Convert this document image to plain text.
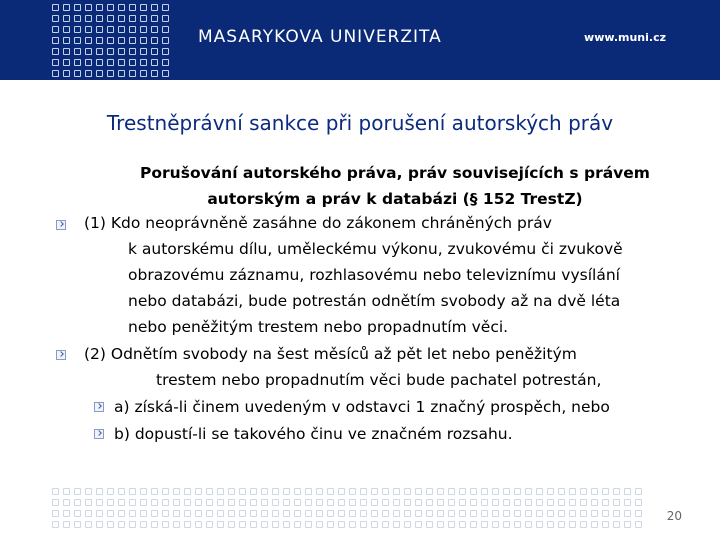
MASARYKOVA UNIVERZITA	www.muni.cz
Trestněprávní sankce při porušení autorských práv
Porušování autorského práva, práv souvisejících s právem
autorským a práv k databázi (§ 152 TrestZ)
(1) Kdo neoprávněně zasáhne do zákonem chráněných práv
k autorskému dílu, uměleckému výkonu, zvukovému či zvukově
obrazovému záznamu, rozhlasovému nebo televiznímu vysílání
nebo databázi, bude potrestán odnětím svobody až na dvě léta
nebo peněžitým trestem nebo propadnutím věci.
(2) Odnětím svobody na šest měsíců až pět let nebo peněžitým
trestem nebo propadnutím věci bude pachatel potrestán,
a) získá-li činem uvedeným v odstavci 1 značný prospěch, nebo
b) dopustí-li se takového činu ve značném rozsahu.
20
